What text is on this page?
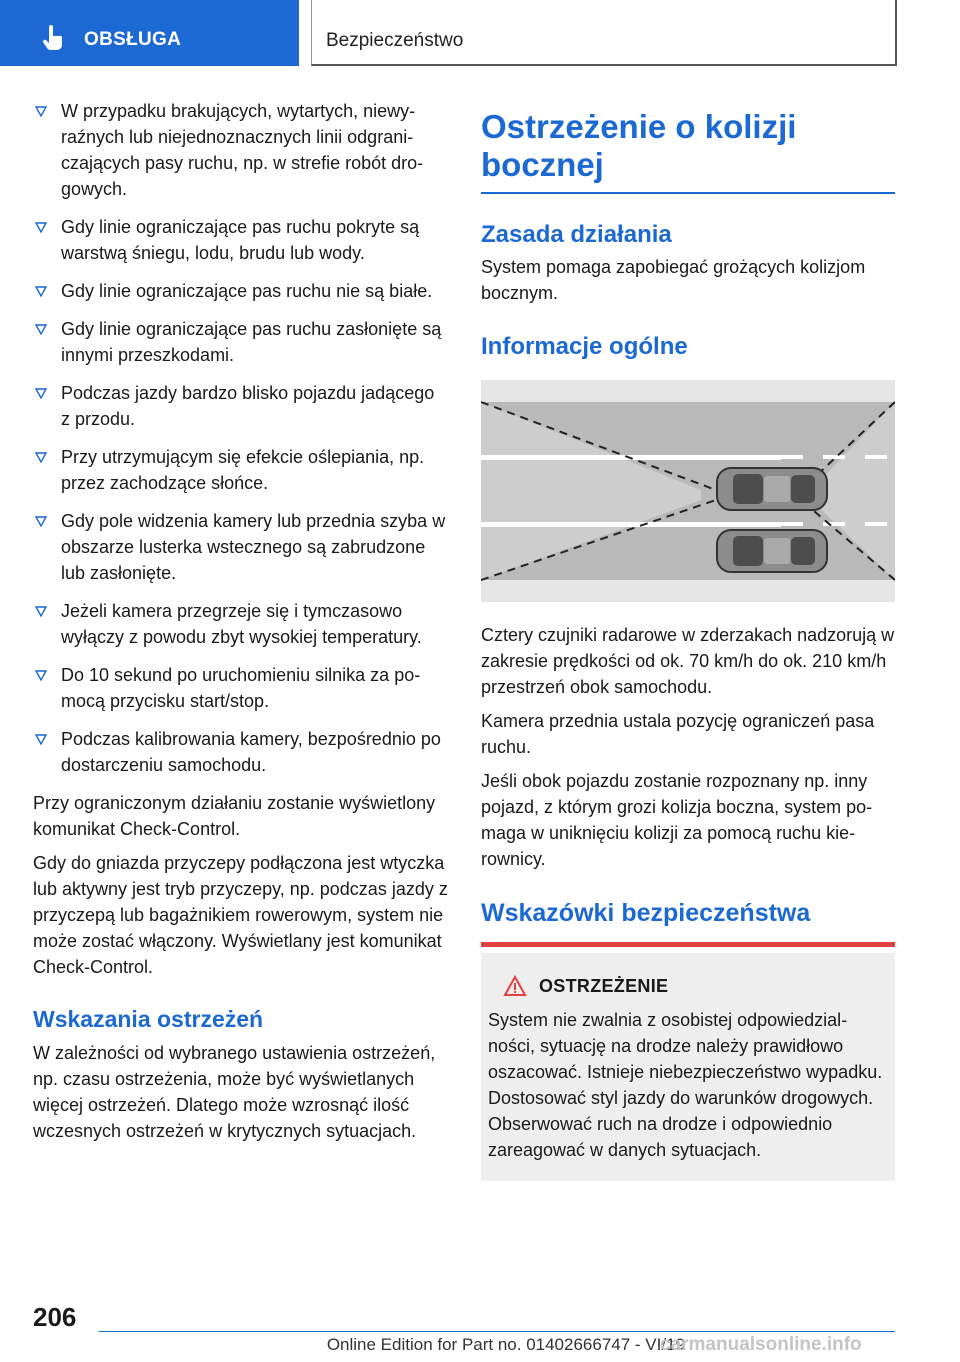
OBSŁUGA	Bezpieczeństwo
W przypadku brakujących, wytartych, niewyraźnych lub niejednoznacznych linii odgraniczających pasy ruchu, np. w strefie robót drogowych.
Gdy linie ograniczające pas ruchu pokryte są warstwą śniegu, lodu, brudu lub wody.
Gdy linie ograniczające pas ruchu nie są białe.
Gdy linie ograniczające pas ruchu zasłonięte są innymi przeszkodami.
Podczas jazdy bardzo blisko pojazdu jadącego z przodu.
Przy utrzymującym się efekcie oślepiania, np. przez zachodzące słońce.
Gdy pole widzenia kamery lub przednia szyba w obszarze lusterka wstecznego są zabrudzone lub zasłonięte.
Jeżeli kamera przegrzeje się i tymczasowo wyłączy z powodu zbyt wysokiej temperatury.
Do 10 sekund po uruchomieniu silnika za pomocą przycisku start/stop.
Podczas kalibrowania kamery, bezpośrednio po dostarczeniu samochodu.

Przy ograniczonym działaniu zostanie wyświetlony komunikat Check-Control.

Gdy do gniazda przyczepy podłączona jest wtyczka lub aktywny jest tryb przyczepy, np. podczas jazdy z przyczepą lub bagażnikiem rowerowym, system nie może zostać włączony. Wyświetlany jest komunikat Check-Control.

Wskazania ostrzeżeń

W zależności od wybranego ustawienia ostrzeżeń, np. czasu ostrzeżenia, może być wyświetlanych więcej ostrzeżeń. Dlatego może wzrosnąć ilość wczesnych ostrzeżeń w krytycznych sytuacjach.

Ostrzeżenie o kolizji bocznej
Zasada działania

System pomaga zapobiegać grożących kolizjom bocznym.

Informacje ogólne

Cztery czujniki radarowe w zderzakach nadzorują w zakresie prędkości od ok. 70 km/h do ok. 210 km/h przestrzeń obok samochodu.

Kamera przednia ustala pozycję ograniczeń pasa ruchu.

Jeśli obok pojazdu zostanie rozpoznany np. inny pojazd, z którym grozi kolizja boczna, system pomaga w uniknięciu kolizji za pomocą ruchu kierownicy.

Wskazówki bezpieczeństwa
OSTRZEŻENIE

System nie zwalnia z osobistej odpowiedzialności, sytuację na drodze należy prawidłowo oszacować. Istnieje niebezpieczeństwo wypadku. Dostosować styl jazdy do warunków drogowych. Obserwować ruch na drodze i odpowiednio zareagować w danych sytuacjach.

206
Online Edition for Part no. 01402666747 - VI/19
carmanualsonline.info
